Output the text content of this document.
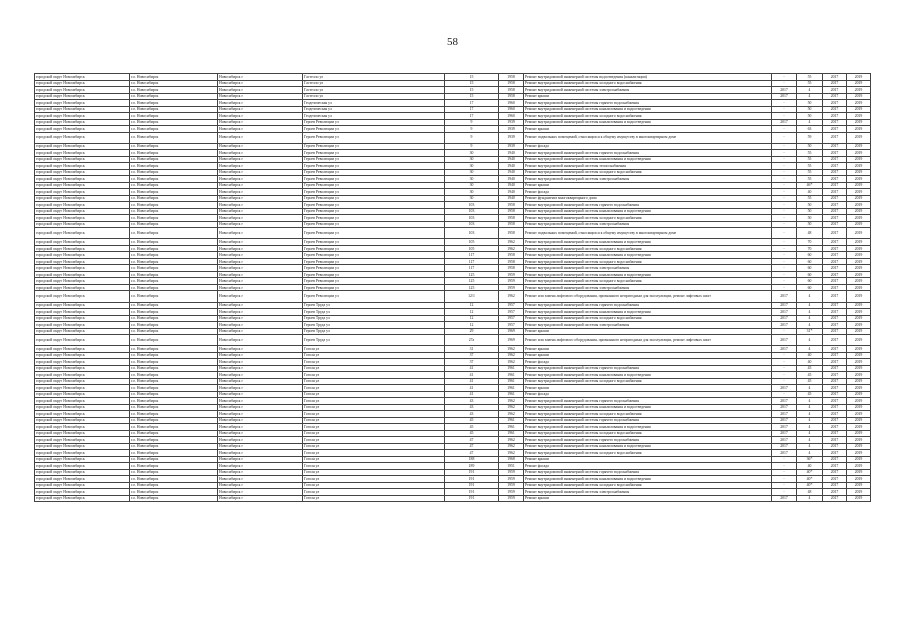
58
городской округ Новосибирск	г.о. Новосибирск	Новосибирск г	Гастелло ул	15	1958	Ремонт внутридомовой инженерной системы водоотведения (канализации)	-	55	2017	2019
городской округ Новосибирск	г.о. Новосибирск	Новосибирск г	Гастелло ул	15	1958	Ремонт внутридомовой инженерной системы холодного водоснабжения	-	55	2017	2019
городской округ Новосибирск	г.о. Новосибирск	Новосибирск г	Гастелло ул	15	1958	Ремонт внутридомовой инженерной системы электроснабжения	2017	4	2017	2019
городской округ Новосибирск	г.о. Новосибирск	Новосибирск г	Гастелло ул	15	1958	Ремонт крыши	2017	4	2017	2019
городской округ Новосибирск	г.о. Новосибирск	Новосибирск г	Геодезическая ул	17	1960	Ремонт внутридомовой инженерной системы горячего водоснабжения	-	50	2017	2019
городской округ Новосибирск	г.о. Новосибирск	Новосибирск г	Геодезическая ул	17	1960	Ремонт внутридомовой инженерной системы канализования и водоотведения	-	50	2017	2019
городской округ Новосибирск	г.о. Новосибирск	Новосибирск г	Геодезическая ул	17	1960	Ремонт внутридомовой инженерной системы холодного водоснабжения	-	50	2017	2019
городской округ Новосибирск	г.о. Новосибирск	Новосибирск г	Героев Революции ул	9	1939	Ремонт внутридомовой инженерной системы канализования и водоотведения	2017	4	2017	2019
городской округ Новосибирск	г.о. Новосибирск	Новосибирск г	Героев Революции ул	9	1939	Ремонт крыши	-	63	2017	2019
городской округ Новосибирск	г.о. Новосибирск	Новосибирск г	Героев Революции ул	9	1939	Ремонт подвальных помещений, относящихся к общему имуществу в многоквартирном доме	-	59	2017	2019
городской округ Новосибирск	г.о. Новосибирск	Новосибирск г	Героев Революции ул	9	1939	Ремонт фасада	-	50	2017	2019
городской округ Новосибирск	г.о. Новосибирск	Новосибирск г	Героев Революции ул	30	1940	Ремонт внутридомовой инженерной системы горячего водоснабжения	-	55	2017	2019
городской округ Новосибирск	г.о. Новосибирск	Новосибирск г	Героев Революции ул	30	1940	Ремонт внутридомовой инженерной системы канализования и водоотведения	-	55	2017	2019
городской округ Новосибирск	г.о. Новосибирск	Новосибирск г	Героев Революции ул	30	1940	Ремонт внутридомовой инженерной системы теплоснабжения	-	55	2017	2019
городской округ Новосибирск	г.о. Новосибирск	Новосибирск г	Героев Революции ул	30	1940	Ремонт внутридомовой инженерной системы холодного водоснабжения	-	55	2017	2019
городской округ Новосибирск	г.о. Новосибирск	Новосибирск г	Героев Революции ул	30	1940	Ремонт внутридомовой инженерной системы электроснабжения	-	55	2017	2019
городской округ Новосибирск	г.о. Новосибирск	Новосибирск г	Героев Революции ул	30	1940	Ремонт крыши	-	46*	2017	2019
городской округ Новосибирск	г.о. Новосибирск	Новосибирск г	Героев Революции ул	30	1940	Ремонт фасада	-	40	2017	2019
городской округ Новосибирск	г.о. Новосибирск	Новосибирск г	Героев Революции ул	30	1940	Ремонт фундамента многоквартирного дома	-	55	2017	2019
городской округ Новосибирск	г.о. Новосибирск	Новосибирск г	Героев Революции ул	103	1958	Ремонт внутридомовой инженерной системы горячего водоснабжения	-	50	2017	2019
городской округ Новосибирск	г.о. Новосибирск	Новосибирск г	Героев Революции ул	103	1958	Ремонт внутридомовой инженерной системы канализования и водоотведения	-	50	2017	2019
городской округ Новосибирск	г.о. Новосибирск	Новосибирск г	Героев Революции ул	103	1958	Ремонт внутридомовой инженерной системы холодного водоснабжения	-	50	2017	2019
городской округ Новосибирск	г.о. Новосибирск	Новосибирск г	Героев Революции ул	103	1958	Ремонт внутридомовой инженерной системы электроснабжения	-	50	2017	2019
городской округ Новосибирск	г.о. Новосибирск	Новосибирск г	Героев Революции ул	103	1958	Ремонт подвальных помещений, относящихся к общему имуществу в многоквартирном доме	-	48	2017	2019
городской округ Новосибирск	г.о. Новосибирск	Новосибирск г	Героев Революции ул	105	1962	Ремонт внутридомовой инженерной системы канализования и водоотведения	-	70	2017	2019
городской округ Новосибирск	г.о. Новосибирск	Новосибирск г	Героев Революции ул	105	1962	Ремонт внутридомовой инженерной системы холодного водоснабжения	-	70	2017	2019
городской округ Новосибирск	г.о. Новосибирск	Новосибирск г	Героев Революции ул	117	1958	Ремонт внутридомовой инженерной системы канализования и водоотведения	-	60	2017	2019
городской округ Новосибирск	г.о. Новосибирск	Новосибирск г	Героев Революции ул	117	1958	Ремонт внутридомовой инженерной системы холодного водоснабжения	-	60	2017	2019
городской округ Новосибирск	г.о. Новосибирск	Новосибирск г	Героев Революции ул	117	1958	Ремонт внутридомовой инженерной системы электроснабжения	-	60	2017	2019
городской округ Новосибирск	г.о. Новосибирск	Новосибирск г	Героев Революции ул	125	1959	Ремонт внутридомовой инженерной системы канализования и водоотведения	-	60	2017	2019
городской округ Новосибирск	г.о. Новосибирск	Новосибирск г	Героев Революции ул	125	1959	Ремонт внутридомовой инженерной системы холодного водоснабжения	-	60	2017	2019
городской округ Новосибирск	г.о. Новосибирск	Новосибирск г	Героев Революции ул	125	1959	Ремонт внутридомовой инженерной системы электроснабжения	-	60	2017	2019
городской округ Новосибирск	г.о. Новосибирск	Новосибирск г	Героев Революции ул	12/1	1962	Ремонт или замена лифтового оборудования, признанного непригодным для эксплуатации, ремонт лифтовых шахт	2017	4	2017	2019
городской округ Новосибирск	г.о. Новосибирск	Новосибирск г	Героев Труда ул	12	1957	Ремонт внутридомовой инженерной системы горячего водоснабжения	2017	4	2017	2019
городской округ Новосибирск	г.о. Новосибирск	Новосибирск г	Героев Труда ул	12	1957	Ремонт внутридомовой инженерной системы канализования и водоотведения	2017	4	2017	2019
городской округ Новосибирск	г.о. Новосибирск	Новосибирск г	Героев Труда ул	12	1957	Ремонт внутридомовой инженерной системы холодного водоснабжения	2017	4	2017	2019
городской округ Новосибирск	г.о. Новосибирск	Новосибирск г	Героев Труда ул	12	1957	Ремонт внутридомовой инженерной системы электроснабжения	2017	4	2017	2019
городской округ Новосибирск	г.о. Новосибирск	Новосибирск г	Героев Труда ул	29	1969	Ремонт крыши	-	31*	2017	2019
городской округ Новосибирск	г.о. Новосибирск	Новосибирск г	Героев Труда ул	27а	1969	Ремонт или замена лифтового оборудования, признанного непригодным для эксплуатации, ремонт лифтовых шахт	2017	4	2017	2019
городской округ Новосибирск	г.о. Новосибирск	Новосибирск г	Гоголя ул	31	1962	Ремонт крыши	2017	4	2017	2019
городской округ Новосибирск	г.о. Новосибирск	Новосибирск г	Гоголя ул	37	1962	Ремонт крыши	-	40	2017	2019
городской округ Новосибирск	г.о. Новосибирск	Новосибирск г	Гоголя ул	37	1962	Ремонт фасада	-	40	2017	2019
городской округ Новосибирск	г.о. Новосибирск	Новосибирск г	Гоголя ул	41	1961	Ремонт внутридомовой инженерной системы горячего водоснабжения	-	45	2017	2019
городской округ Новосибирск	г.о. Новосибирск	Новосибирск г	Гоголя ул	41	1961	Ремонт внутридомовой инженерной системы канализования и водоотведения	-	45	2017	2019
городской округ Новосибирск	г.о. Новосибирск	Новосибирск г	Гоголя ул	41	1961	Ремонт внутридомовой инженерной системы холодного водоснабжения	-	45	2017	2019
городской округ Новосибирск	г.о. Новосибирск	Новосибирск г	Гоголя ул	41	1961	Ремонт крыши	2017	4	2017	2019
городской округ Новосибирск	г.о. Новосибирск	Новосибирск г	Гоголя ул	41	1961	Ремонт фасада	-	45	2017	2019
городской округ Новосибирск	г.о. Новосибирск	Новосибирск г	Гоголя ул	43	1962	Ремонт внутридомовой инженерной системы горячего водоснабжения	2017	4	2017	2019
городской округ Новосибирск	г.о. Новосибирск	Новосибирск г	Гоголя ул	43	1962	Ремонт внутридомовой инженерной системы канализования и водоотведения	2017	4	2017	2019
городской округ Новосибирск	г.о. Новосибирск	Новосибирск г	Гоголя ул	43	1962	Ремонт внутридомовой инженерной системы холодного водоснабжения	2017	4	2017	2019
городской округ Новосибирск	г.о. Новосибирск	Новосибирск г	Гоголя ул	45	1961	Ремонт внутридомовой инженерной системы горячего водоснабжения	2017	4	2017	2019
городской округ Новосибирск	г.о. Новосибирск	Новосибирск г	Гоголя ул	45	1961	Ремонт внутридомовой инженерной системы канализования и водоотведения	2017	4	2017	2019
городской округ Новосибирск	г.о. Новосибирск	Новосибирск г	Гоголя ул	45	1961	Ремонт внутридомовой инженерной системы холодного водоснабжения	2017	4	2017	2019
городской округ Новосибирск	г.о. Новосибирск	Новосибирск г	Гоголя ул	47	1962	Ремонт внутридомовой инженерной системы горячего водоснабжения	2017	4	2017	2019
городской округ Новосибирск	г.о. Новосибирск	Новосибирск г	Гоголя ул	47	1962	Ремонт внутридомовой инженерной системы канализования и водоотведения	2017	4	2017	2019
городской округ Новосибирск	г.о. Новосибирск	Новосибирск г	Гоголя ул	47	1962	Ремонт внутридомовой инженерной системы холодного водоснабжения	2017	4	2017	2019
городской округ Новосибирск	г.о. Новосибирск	Новосибирск г	Гоголя ул	188	1968	Ремонт крыши	-	36*	2017	2019
городской округ Новосибирск	г.о. Новосибирск	Новосибирск г	Гоголя ул	189	1951	Ремонт фасада	-	40	2017	2019
городской округ Новосибирск	г.о. Новосибирск	Новосибирск г	Гоголя ул	191	1959	Ремонт внутридомовой инженерной системы горячего водоснабжения	-	40*	2017	2019
городской округ Новосибирск	г.о. Новосибирск	Новосибирск г	Гоголя ул	191	1959	Ремонт внутридомовой инженерной системы канализования и водоотведения	-	40*	2017	2019
городской округ Новосибирск	г.о. Новосибирск	Новосибирск г	Гоголя ул	191	1959	Ремонт внутридомовой инженерной системы холодного водоснабжения	-	40*	2017	2019
городской округ Новосибирск	г.о. Новосибирск	Новосибирск г	Гоголя ул	191	1959	Ремонт внутридомовой инженерной системы электроснабжения	-	48	2017	2019
городской округ Новосибирск	г.о. Новосибирск	Новосибирск г	Гоголя ул	191	1959	Ремонт крыши	2017	4	2017	2019
